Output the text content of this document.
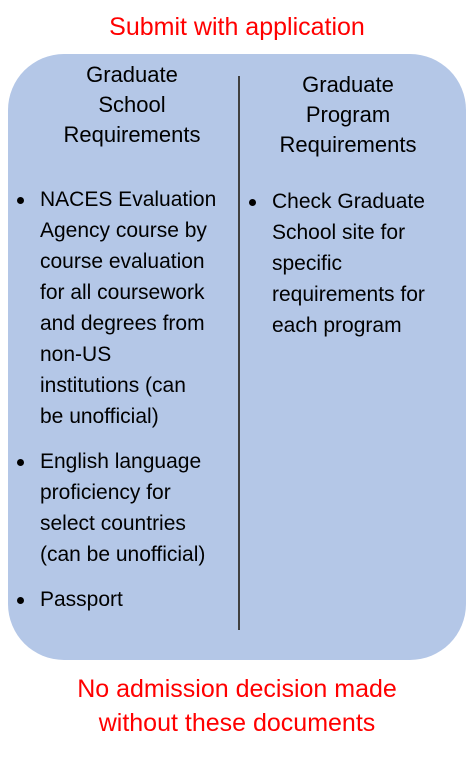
Submit with application
Graduate
School
Requirements
Graduate
Program
Requirements
NACES Evaluation
Agency course by
course evaluation
for all coursework
and degrees from
non-US
institutions (can
be unofficial)
English language
proficiency for
select countries
(can be unofficial)
Passport
Check Graduate
School site for
specific
requirements for
each program
No admission decision made
without these documents
